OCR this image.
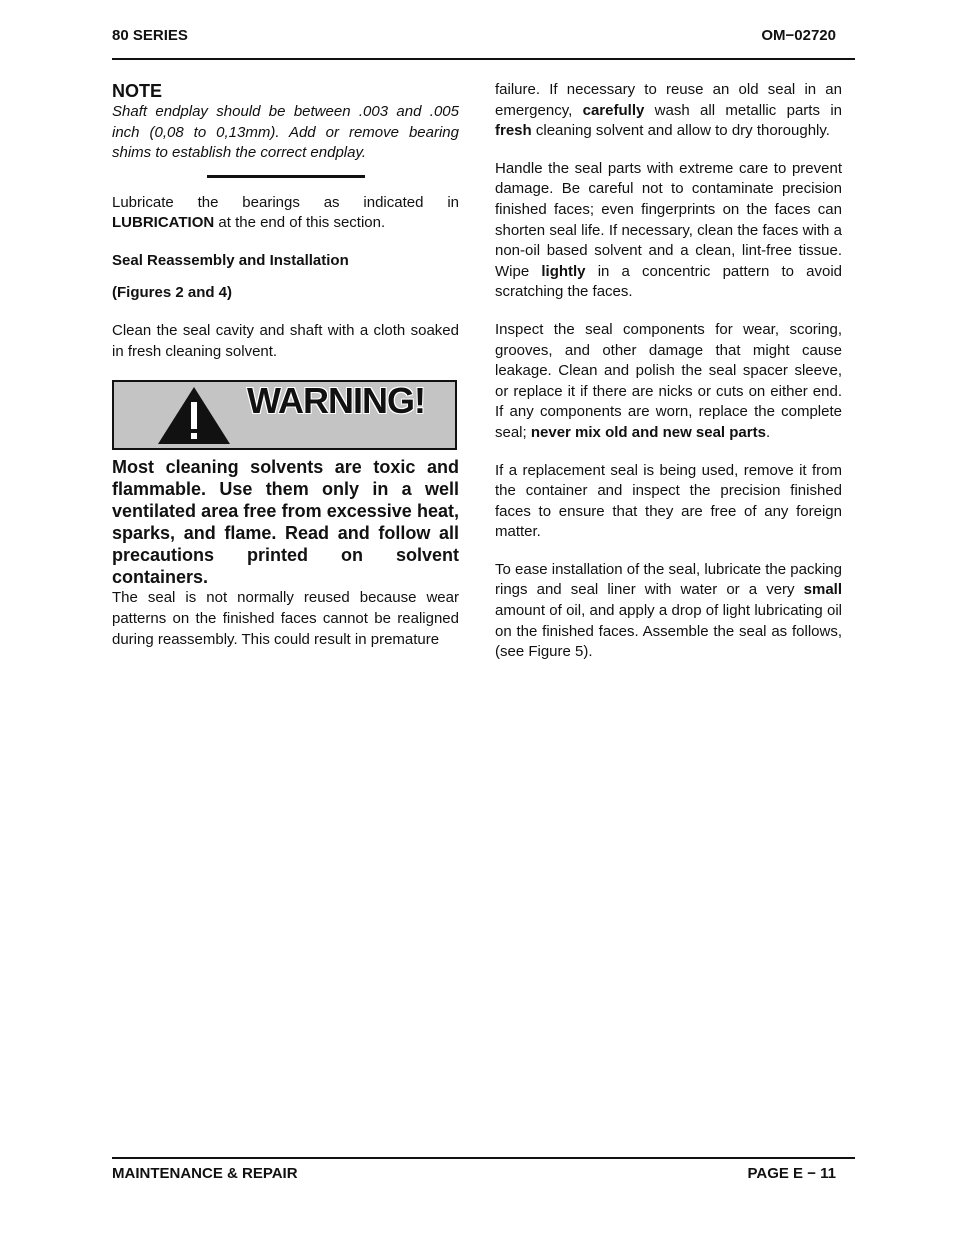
80 SERIES	OM−02720

NOTE

Shaft endplay should be between .003 and .005 inch (0,08 to 0,13mm). Add or remove bearing shims to establish the correct endplay.

Lubricate the bearings as indicated in LUBRICATION at the end of this section.

Seal Reassembly and Installation

(Figures 2 and 4)

Clean the seal cavity and shaft with a cloth soaked in fresh cleaning solvent.

WARNING!

Most cleaning solvents are toxic and flammable. Use them only in a well ventilated area free from excessive heat, sparks, and flame. Read and follow all precautions printed on solvent containers.

The seal is not normally reused because wear patterns on the finished faces cannot be realigned during reassembly. This could result in premature

failure. If necessary to reuse an old seal in an emergency, carefully wash all metallic parts in fresh cleaning solvent and allow to dry thoroughly.

Handle the seal parts with extreme care to prevent damage. Be careful not to contaminate precision finished faces; even fingerprints on the faces can shorten seal life. If necessary, clean the faces with a non-oil based solvent and a clean, lint-free tissue. Wipe lightly in a concentric pattern to avoid scratching the faces.

Inspect the seal components for wear, scoring, grooves, and other damage that might cause leakage. Clean and polish the seal spacer sleeve, or replace it if there are nicks or cuts on either end. If any components are worn, replace the complete seal; never mix old and new seal parts.

If a replacement seal is being used, remove it from the container and inspect the precision finished faces to ensure that they are free of any foreign matter.

To ease installation of the seal, lubricate the packing rings and seal liner with water or a very small amount of oil, and apply a drop of light lubricating oil on the finished faces. Assemble the seal as follows, (see Figure 5).

MAINTENANCE & REPAIR	PAGE E − 11
